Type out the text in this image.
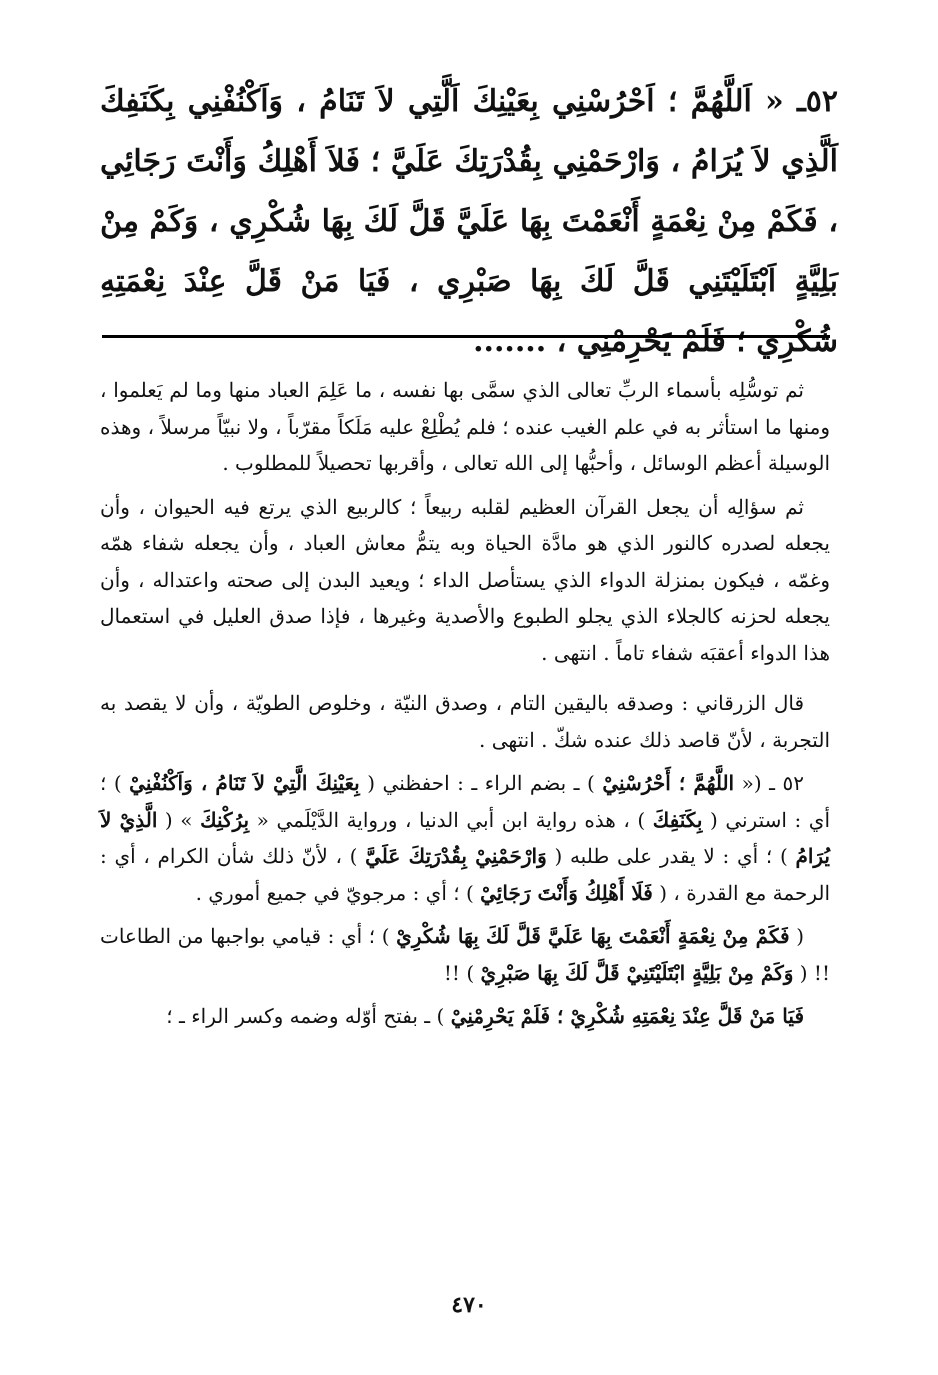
٥٢ـ « اَللَّهُمَّ ؛ اَحْرُسْنِي بِعَيْنِكَ اَلَّتِي لاَ تَنَامُ ، وَاَكْنُفْنِي بِكَنَفِكَ اَلَّذِي لاَ يُرَامُ ، وَارْحَمْنِي بِقُدْرَتِكَ عَلَيَّ ؛ فَلاَ أَهْلِكُ وَأَنْتَ رَجَائِي ، فَكَمْ مِنْ نِعْمَةٍ أَنْعَمْتَ بِهَا عَلَيَّ قَلَّ لَكَ بِهَا شُكْرِي ، وَكَمْ مِنْ بَلِيَّةٍ اَبْتَلَيْتَنِي قَلَّ لَكَ بِهَا صَبْرِي ، فَيَا مَنْ قَلَّ عِنْدَ نِعْمَتِهِ شُكْرِي ؛ فَلَمْ يَحْرِمْنِي ، .......

ثم توسُّلِه بأسماء الربِّ تعالى الذي سمَّى بها نفسه ، ما عَلِمَ العباد منها وما لم يَعلموا ، ومنها ما استأثر به في علم الغيب عنده ؛ فلم يُطْلِعْ عليه مَلَكاً مقرّباً ، ولا نبيّاً مرسلاً ، وهذه الوسيلة أعظم الوسائل ، وأحبُّها إلى الله تعالى ، وأقربها تحصيلاً للمطلوب .

ثم سؤالِه أن يجعل القرآن العظيم لقلبه ربيعاً ؛ كالربيع الذي يرتع فيه الحيوان ، وأن يجعله لصدره كالنور الذي هو مادَّة الحياة وبه يتمُّ معاش العباد ، وأن يجعله شفاء همّه وغمّه ، فيكون بمنزلة الدواء الذي يستأصل الداء ؛ ويعيد البدن إلى صحته واعتداله ، وأن يجعله لحزنه كالجلاء الذي يجلو الطبوع والأصدية وغيرها ، فإذا صدق العليل في استعمال هذا الدواء أعقبَه شفاء تاماً . انتهى .

قال الزرقاني : وصدقه باليقين التام ، وصدق النيّة ، وخلوص الطويّة ، وأن لا يقصد به التجربة ، لأنّ قاصد ذلك عنده شكّ . انتهى .

٥٢ ـ (« اللَّهُمَّ ؛ أَحْرُسْنِيْ ) ـ بضم الراء ـ : احفظني ( بِعَيْنِكَ الَّتِيْ لاَ تَنَامُ ، وَاَكْنُفْنِيْ ) ؛ أي : استرني ( بِكَنَفِكَ ) ، هذه رواية ابن أبي الدنيا ، ورواية الدَّيْلَمي « بِرُكْنِكَ » ( الَّذِيْ لاَ يُرَامُ ) ؛ أي : لا يقدر على طلبه ( وَارْحَمْنِيْ بِقُدْرَتِكَ عَلَيَّ ) ، لأنّ ذلك شأن الكرام ، أي : الرحمة مع القدرة ، ( فَلَا أَهْلِكُ وَأَنْتَ رَجَائِيْ ) ؛ أي : مرجويّ في جميع أموري .

( فَكَمْ مِنْ نِعْمَةٍ أَنْعَمْتَ بِهَا عَلَيَّ قَلَّ لَكَ بِهَا شُكْرِيْ ) ؛ أي : قيامي بواجبها من الطاعات !! ( وَكَمْ مِنْ بَلِيَّةٍ ابْتَلَيْتَنِيْ قَلَّ لَكَ بِهَا صَبْرِيْ ) !!

فَيَا مَنْ قَلَّ عِنْدَ نِعْمَتِهِ شُكْرِيْ ؛ فَلَمْ يَحْرِمْنِيْ ) ـ بفتح أوّله وضمه وكسر الراء ـ ؛

٤٧٠
